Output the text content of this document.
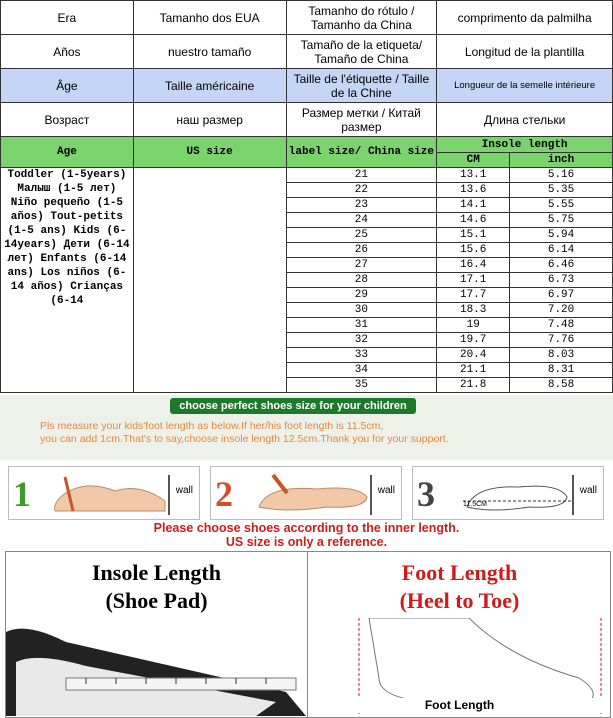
Era	Tamanho dos EUA	Tamanho do rótulo / Tamanho da China	comprimento da palmilha
Años	nuestro tamaño	Tamaño de la etiqueta/ Tamaño de China	Longitud de la plantilla
Âge	Taille américaine	Taille de l'étiquette / Taille de la Chine	Longueur de la semelle intérieure
Возраст	наш размер	Размер метки / Китай размер	Длина стельки
Age	US size	label size/ China size	Insole length	
			CM	inch

Toddler (1-5years) Малыш (1-5 лет) Niño pequeño (1-5 años) Tout-petits (1-5 ans) Kids (6-14years) Дети (6-14 лет) Enfants (6-14 ans) Los niños (6-14 años) Crianças (6-14		21	13.1	5.16
		22	13.6	5.35
		23	14.1	5.55
		24	14.6	5.75
		25	15.1	5.94
		26	15.6	6.14
		27	16.4	6.46
		28	17.1	6.73
		29	17.7	6.97
		30	18.3	7.20
		31	19	7.48
		32	19.7	7.76
		33	20.4	8.03
		34	21.1	8.31
		35	21.8	8.58
choose perfect shoes size for your children
Pls measure your kids'foot length as below.If her/his foot length is 11.5cm,
you can add 1cm.That's to say,choose insole length 12.5cm.Thank you for your support.
1	wall 2	wall 3	11.5CM
wall
Please choose shoes according to the inner length.
US size is only a reference.
Insole Length
(Shoe Pad)
Foot Length
(Heel to Toe)
Foot Length
